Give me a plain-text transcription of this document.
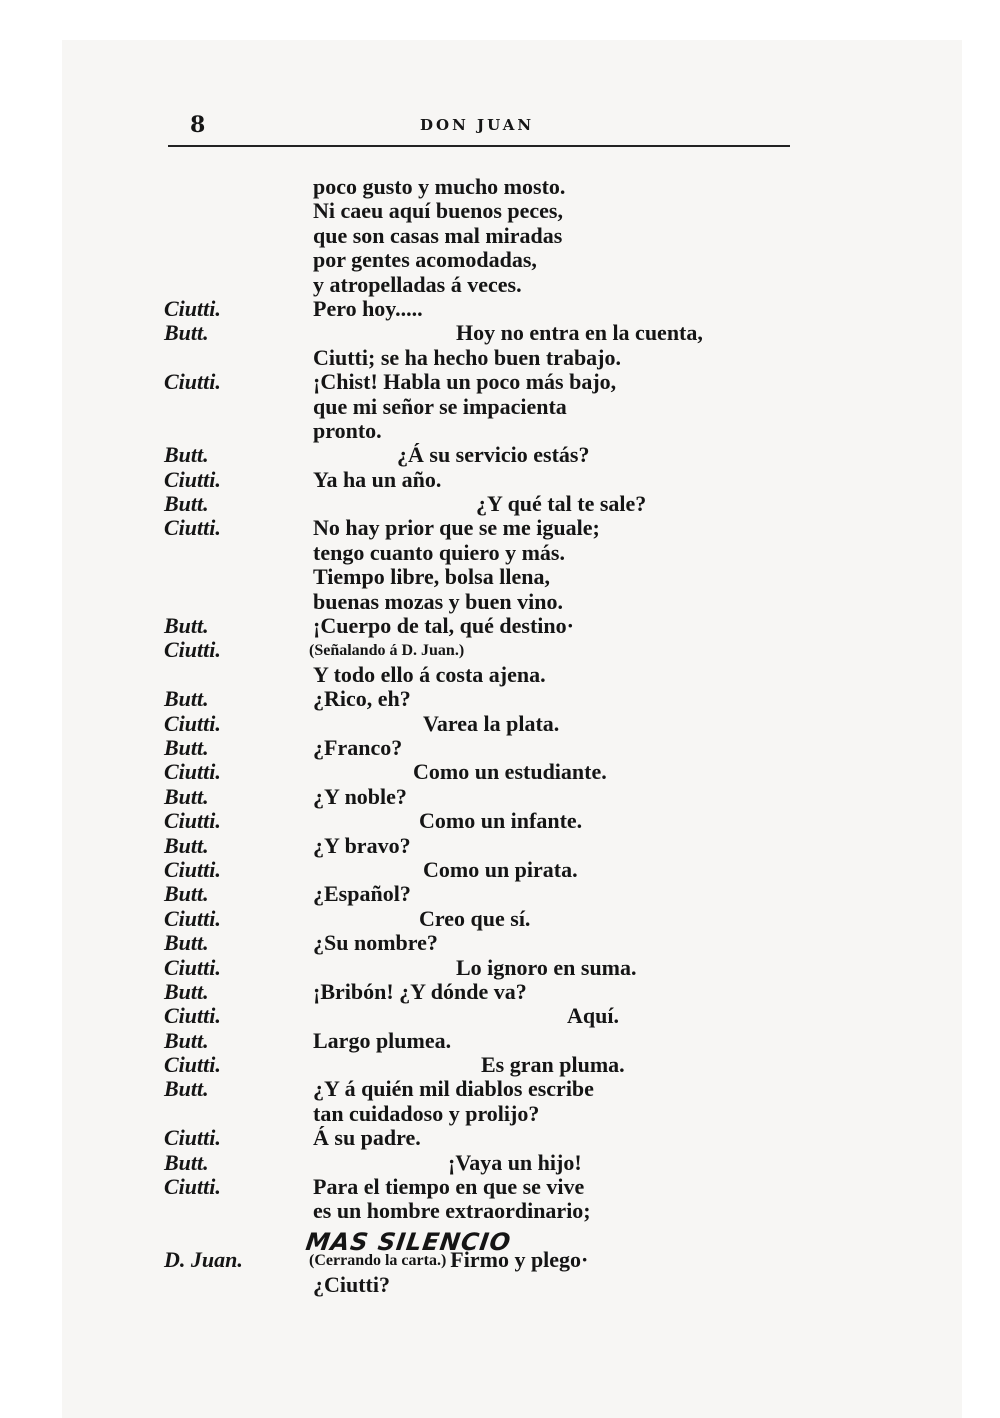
8	DON JUAN
poco gusto y mucho mosto.
Ni caeu aquí buenos peces,
que son casas mal miradas
por gentes acomodadas,
y atropelladas á veces.
Ciutti.	Pero hoy.....
Butt.	Hoy no entra en la cuenta,
Ciutti; se ha hecho buen trabajo.
Ciutti.	¡Chist! Habla un poco más bajo,
que mi señor se impacienta
pronto.
Butt.	¿Á su servicio estás?
Ciutti.	Ya ha un año.
Butt.	¿Y qué tal te sale?
Ciutti.	No hay prior que se me iguale;
tengo cuanto quiero y más.
Tiempo libre, bolsa llena,
buenas mozas y buen vino.
Butt.	¡Cuerpo de tal, qué destino·
Ciutti.	(Señalando á D. Juan.)
Y todo ello á costa ajena.
Butt.	¿Rico, eh?
Ciutti.	Varea la plata.
Butt.	¿Franco?
Ciutti.	Como un estudiante.
Butt.	¿Y noble?
Ciutti.	Como un infante.
Butt.	¿Y bravo?
Ciutti.	Como un pirata.
Butt.	¿Español?
Ciutti.	Creo que sí.
Butt.	¿Su nombre?
Ciutti.	Lo ignoro en suma.
Butt.	¡Bribón! ¿Y dónde va?
Ciutti.	Aquí.
Butt.	Largo plumea.
Ciutti.	Es gran pluma.
Butt.	¿Y á quién mil diablos escribe
tan cuidadoso y prolijo?
Ciutti.	Á su padre.
Butt.	¡Vaya un hijo!
Ciutti.	Para el tiempo en que se vive
es un hombre extraordinario;
D. Juan.	(Cerrando la carta.) Firmo y plego·
¿Ciutti?
MAS SILENCIO
